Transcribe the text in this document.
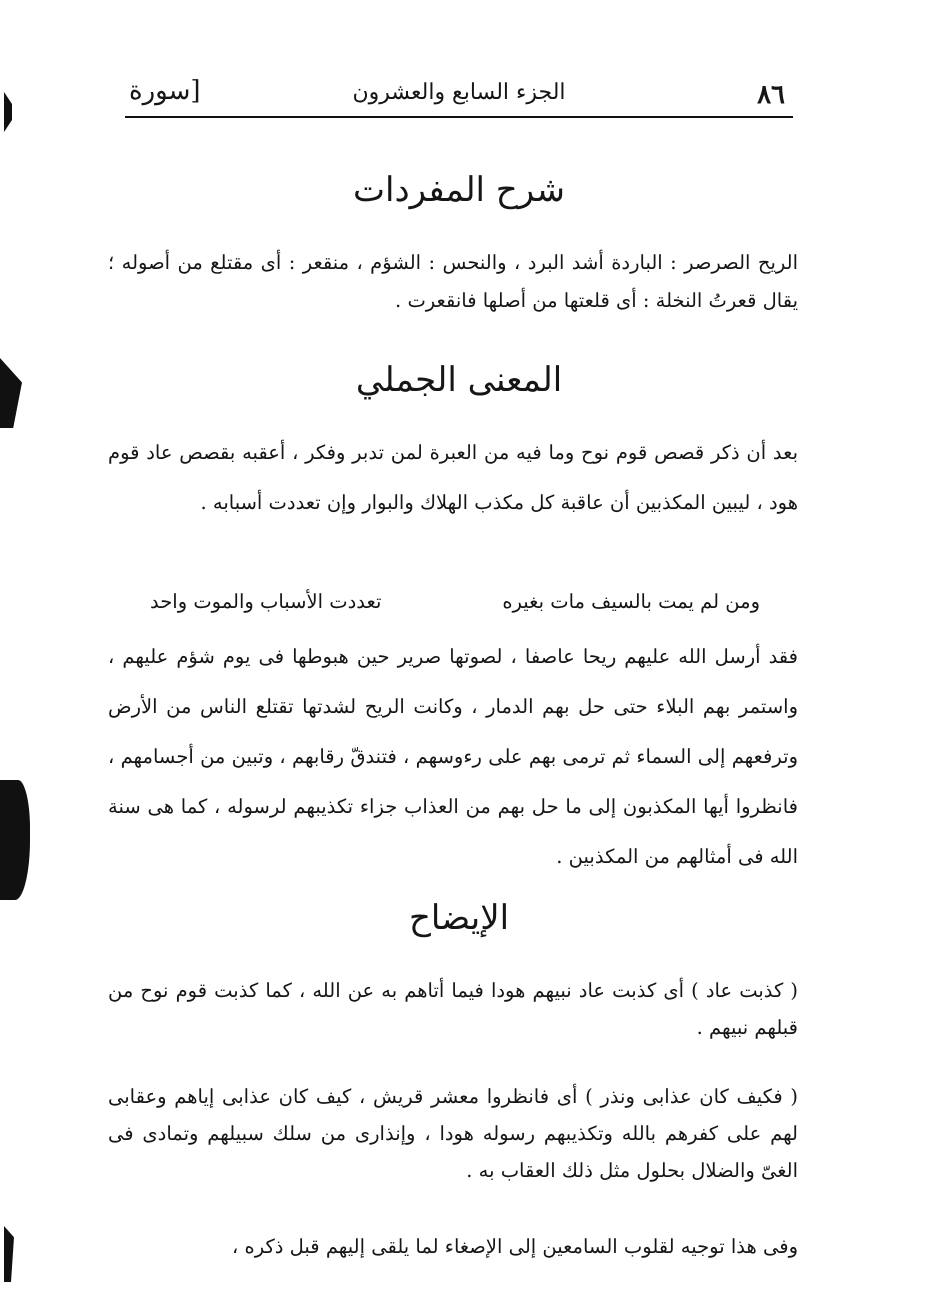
٨٦
الجزء السابع والعشرون
[سورة
شرح المفردات

الريح الصرصر : الباردة أشد البرد ، والنحس : الشؤم ، منقعر : أى مقتلع من أصوله ؛ يقال قعرتُ النخلة : أى قلعتها من أصلها فانقعرت .

المعنى الجملي

بعد أن ذكر قصص قوم نوح وما فيه من العبرة لمن تدبر وفكر ، أعقبه بقصص عاد قوم هود ، ليبين المكذبين أن عاقبة كل مكذب الهلاك والبوار وإن تعددت أسبابه .

ومن لم يمت بالسيف مات بغيره
تعددت الأسباب والموت واحد

فقد أرسل الله عليهم ريحا عاصفا ، لصوتها صرير حين هبوطها فى يوم شؤم عليهم ، واستمر بهم البلاء حتى حل بهم الدمار ، وكانت الريح لشدتها تقتلع الناس من الأرض وترفعهم إلى السماء ثم ترمى بهم على رءوسهم ، فتندقّ رقابهم ، وتبين من أجسامهم ، فانظروا أيها المكذبون إلى ما حل بهم من العذاب جزاء تكذيبهم لرسوله ، كما هى سنة الله فى أمثالهم من المكذبين .

الإيضاح

( كذبت عاد ) أى كذبت عاد نبيهم هودا فيما أتاهم به عن الله ، كما كذبت قوم نوح من قبلهم نبيهم .

( فكيف كان عذابى ونذر ) أى فانظروا معشر قريش ، كيف كان عذابى إياهم وعقابى لهم على كفرهم بالله وتكذيبهم رسوله هودا ، وإنذارى من سلك سبيلهم وتمادى فى الغىّ والضلال بحلول مثل ذلك العقاب به .

وفى هذا توجيه لقلوب السامعين إلى الإصغاء لما يلقى إليهم قبل ذكره ،
